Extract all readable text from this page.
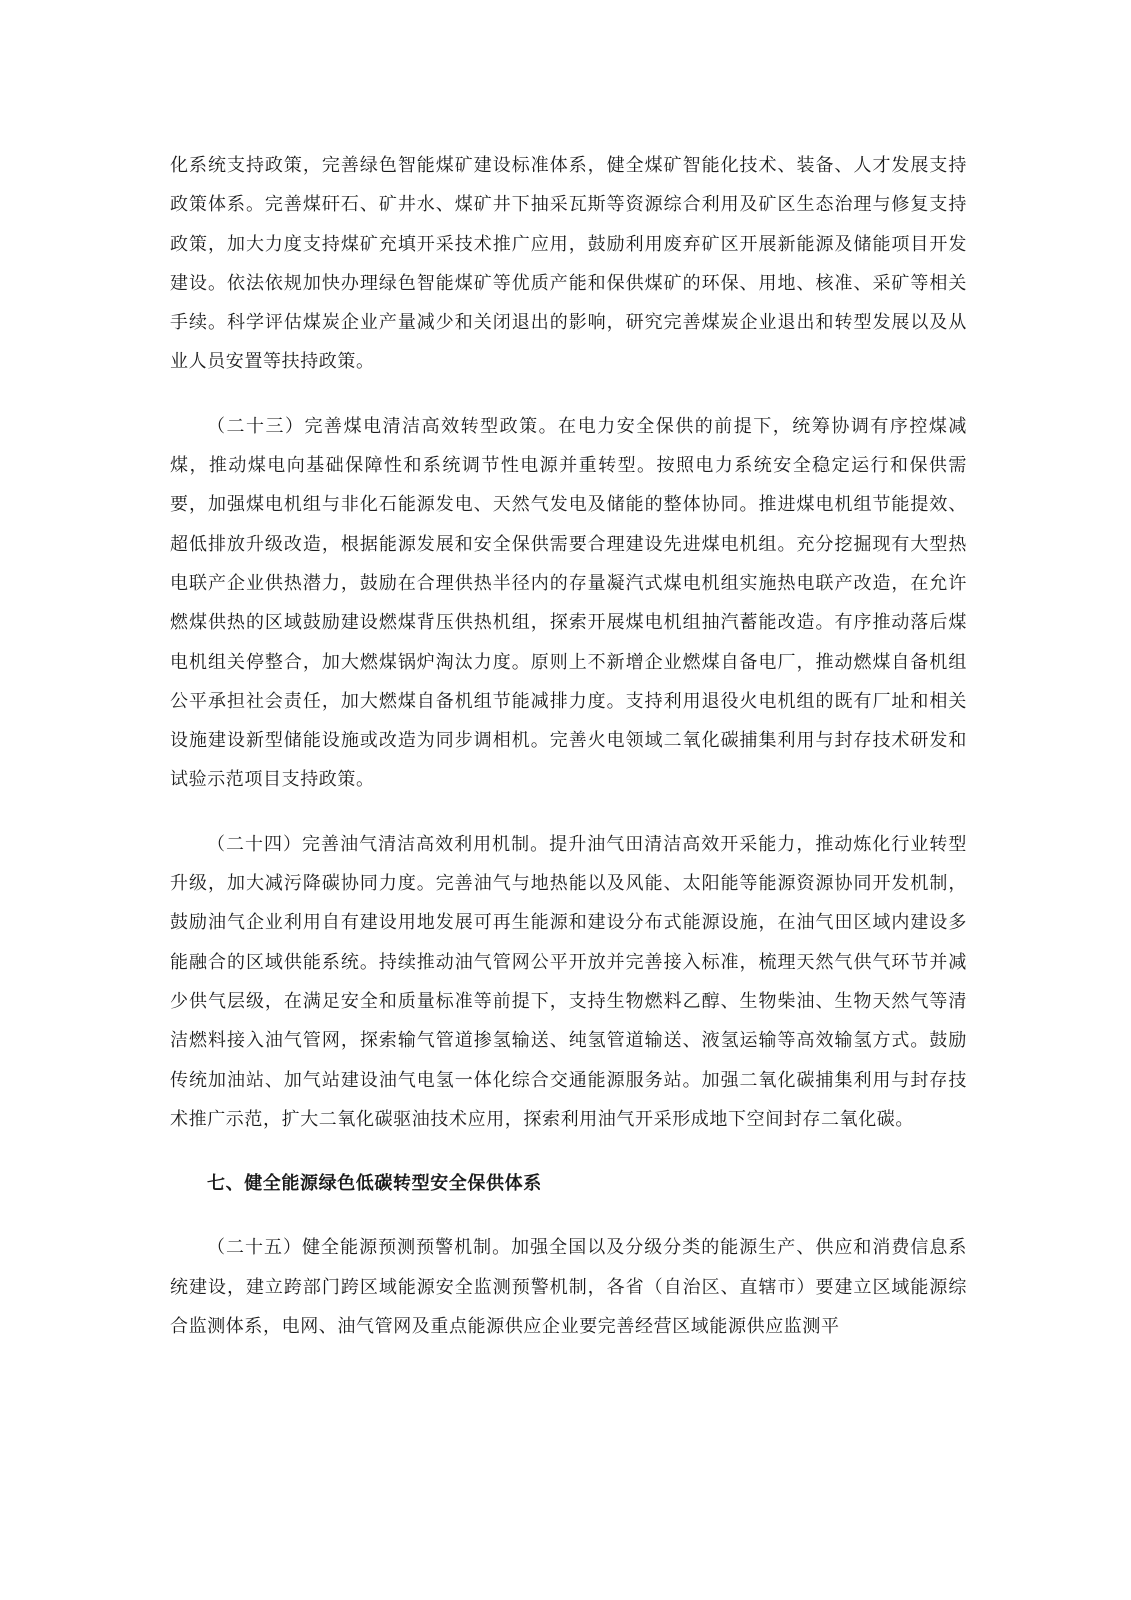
化系统支持政策，完善绿色智能煤矿建设标准体系，健全煤矿智能化技术、装备、人才发展支持政策体系。完善煤矸石、矿井水、煤矿井下抽采瓦斯等资源综合利用及矿区生态治理与修复支持政策，加大力度支持煤矿充填开采技术推广应用，鼓励利用废弃矿区开展新能源及储能项目开发建设。依法依规加快办理绿色智能煤矿等优质产能和保供煤矿的环保、用地、核准、采矿等相关手续。科学评估煤炭企业产量减少和关闭退出的影响，研究完善煤炭企业退出和转型发展以及从业人员安置等扶持政策。

（二十三）完善煤电清洁高效转型政策。在电力安全保供的前提下，统筹协调有序控煤减煤，推动煤电向基础保障性和系统调节性电源并重转型。按照电力系统安全稳定运行和保供需要，加强煤电机组与非化石能源发电、天然气发电及储能的整体协同。推进煤电机组节能提效、超低排放升级改造，根据能源发展和安全保供需要合理建设先进煤电机组。充分挖掘现有大型热电联产企业供热潜力，鼓励在合理供热半径内的存量凝汽式煤电机组实施热电联产改造，在允许燃煤供热的区域鼓励建设燃煤背压供热机组，探索开展煤电机组抽汽蓄能改造。有序推动落后煤电机组关停整合，加大燃煤锅炉淘汰力度。原则上不新增企业燃煤自备电厂，推动燃煤自备机组公平承担社会责任，加大燃煤自备机组节能减排力度。支持利用退役火电机组的既有厂址和相关设施建设新型储能设施或改造为同步调相机。完善火电领域二氧化碳捕集利用与封存技术研发和试验示范项目支持政策。

（二十四）完善油气清洁高效利用机制。提升油气田清洁高效开采能力，推动炼化行业转型升级，加大减污降碳协同力度。完善油气与地热能以及风能、太阳能等能源资源协同开发机制，鼓励油气企业利用自有建设用地发展可再生能源和建设分布式能源设施，在油气田区域内建设多能融合的区域供能系统。持续推动油气管网公平开放并完善接入标准，梳理天然气供气环节并减少供气层级，在满足安全和质量标准等前提下，支持生物燃料乙醇、生物柴油、生物天然气等清洁燃料接入油气管网，探索输气管道掺氢输送、纯氢管道输送、液氢运输等高效输氢方式。鼓励传统加油站、加气站建设油气电氢一体化综合交通能源服务站。加强二氧化碳捕集利用与封存技术推广示范，扩大二氧化碳驱油技术应用，探索利用油气开采形成地下空间封存二氧化碳。

七、健全能源绿色低碳转型安全保供体系

（二十五）健全能源预测预警机制。加强全国以及分级分类的能源生产、供应和消费信息系统建设，建立跨部门跨区域能源安全监测预警机制，各省（自治区、直辖市）要建立区域能源综合监测体系，电网、油气管网及重点能源供应企业要完善经营区域能源供应监测平
